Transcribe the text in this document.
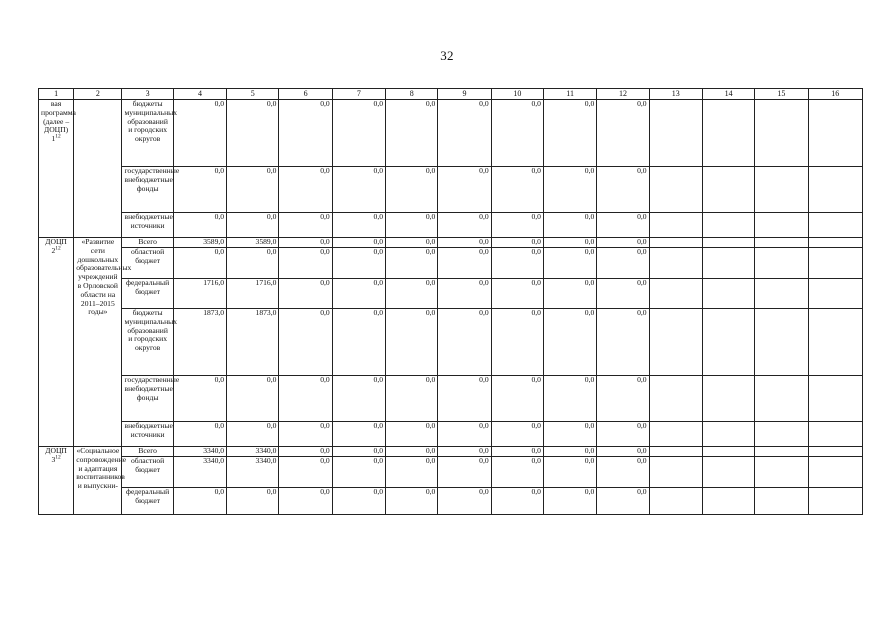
32
1	2	3	4	5	6	7	8	9	10	11	12	13	14	15	16
вая программа (далее – ДОЦП) $1^{12}$		бюджеты муниципальных образований и городских округов	0,0	0,0	0,0	0,0	0,0	0,0	0,0	0,0	0,0				
		государственные внебюджетные фонды	0,0	0,0	0,0	0,0	0,0	0,0	0,0	0,0	0,0				
		внебюджетные источники	0,0	0,0	0,0	0,0	0,0	0,0	0,0	0,0	0,0				
ДОЦП $2^{12}$	«Развитие сети дошкольных образовательных учреждений в Орловской области на 2011–2015 годы»	Всего	3589,0	3589,0	0,0	0,0	0,0	0,0	0,0	0,0	0,0				
		областной бюджет	0,0	0,0	0,0	0,0	0,0	0,0	0,0	0,0	0,0				
		федеральный бюджет	1716,0	1716,0	0,0	0,0	0,0	0,0	0,0	0,0	0,0				
		бюджеты муниципальных образований и городских округов	1873,0	1873,0	0,0	0,0	0,0	0,0	0,0	0,0	0,0				
		государственные внебюджетные фонды	0,0	0,0	0,0	0,0	0,0	0,0	0,0	0,0	0,0				
		внебюджетные источники	0,0	0,0	0,0	0,0	0,0	0,0	0,0	0,0	0,0				
ДОЦП $3^{12}$	«Социальное сопровождение и адаптация воспитанников и выпускни-	Всего	3340,0	3340,0	0,0	0,0	0,0	0,0	0,0	0,0	0,0				
		областной бюджет	3340,0	3340,0	0,0	0,0	0,0	0,0	0,0	0,0	0,0				
		федеральный бюджет	0,0	0,0	0,0	0,0	0,0	0,0	0,0	0,0	0,0				
